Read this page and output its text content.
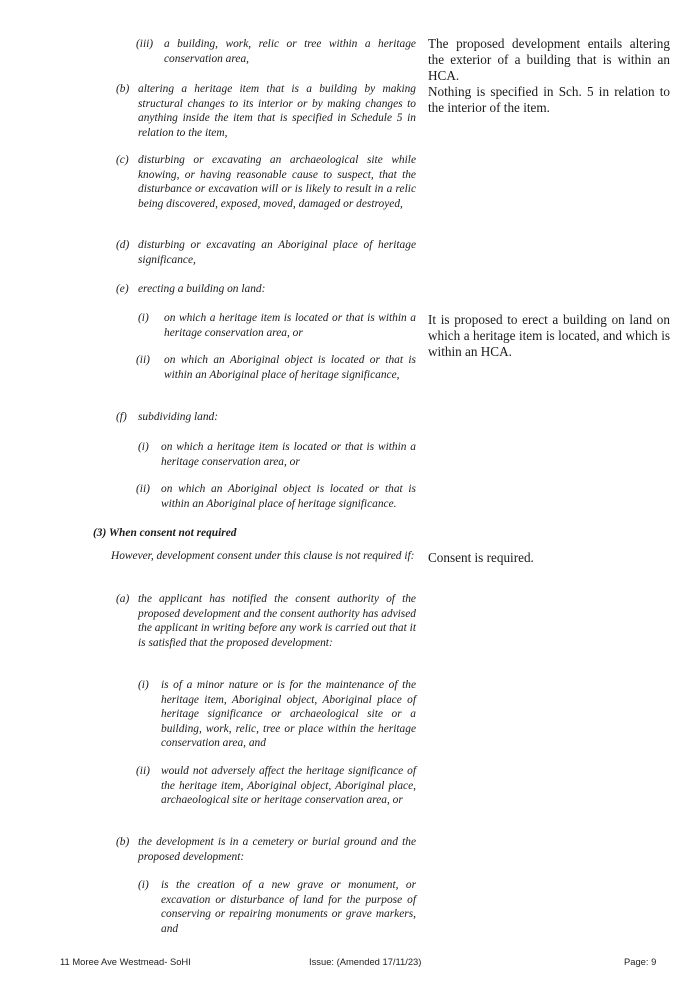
(iii) a building, work, relic or tree within a heritage conservation area,

(b) altering a heritage item that is a building by making structural changes to its interior or by making changes to anything inside the item that is specified in Schedule 5 in relation to the item,

(c) disturbing or excavating an archaeological site while knowing, or having reasonable cause to suspect, that the disturbance or excavation will or is likely to result in a relic being discovered, exposed, moved, damaged or destroyed,

(d) disturbing or excavating an Aboriginal place of heritage significance,

(e) erecting a building on land:

(i) on which a heritage item is located or that is within a heritage conservation area, or

(ii) on which an Aboriginal object is located or that is within an Aboriginal place of heritage significance,

(f) subdividing land:

(i) on which a heritage item is located or that is within a heritage conservation area, or

(ii) on which an Aboriginal object is located or that is within an Aboriginal place of heritage significance.

(3) When consent not required

However, development consent under this clause is not required if:

(a) the applicant has notified the consent authority of the proposed development and the consent authority has advised the applicant in writing before any work is carried out that it is satisfied that the proposed development:

(i) is of a minor nature or is for the maintenance of the heritage item, Aboriginal object, Aboriginal place of heritage significance or archaeological site or a building, work, relic, tree or place within the heritage conservation area, and

(ii) would not adversely affect the heritage significance of the heritage item, Aboriginal object, Aboriginal place, archaeological site or heritage conservation area, or

(b) the development is in a cemetery or burial ground and the proposed development:

(i) is the creation of a new grave or monument, or excavation or disturbance of land for the purpose of conserving or repairing monuments or grave markers, and

The proposed development entails altering the exterior of a building that is within an HCA.

Nothing is specified in Sch. 5 in relation to the interior of the item.

It is proposed to erect a building on land on which a heritage item is located, and which is within an HCA.

Consent is required.

11 Moree Ave Westmead- SoHI	Issue: (Amended 17/11/23)	Page: 9
